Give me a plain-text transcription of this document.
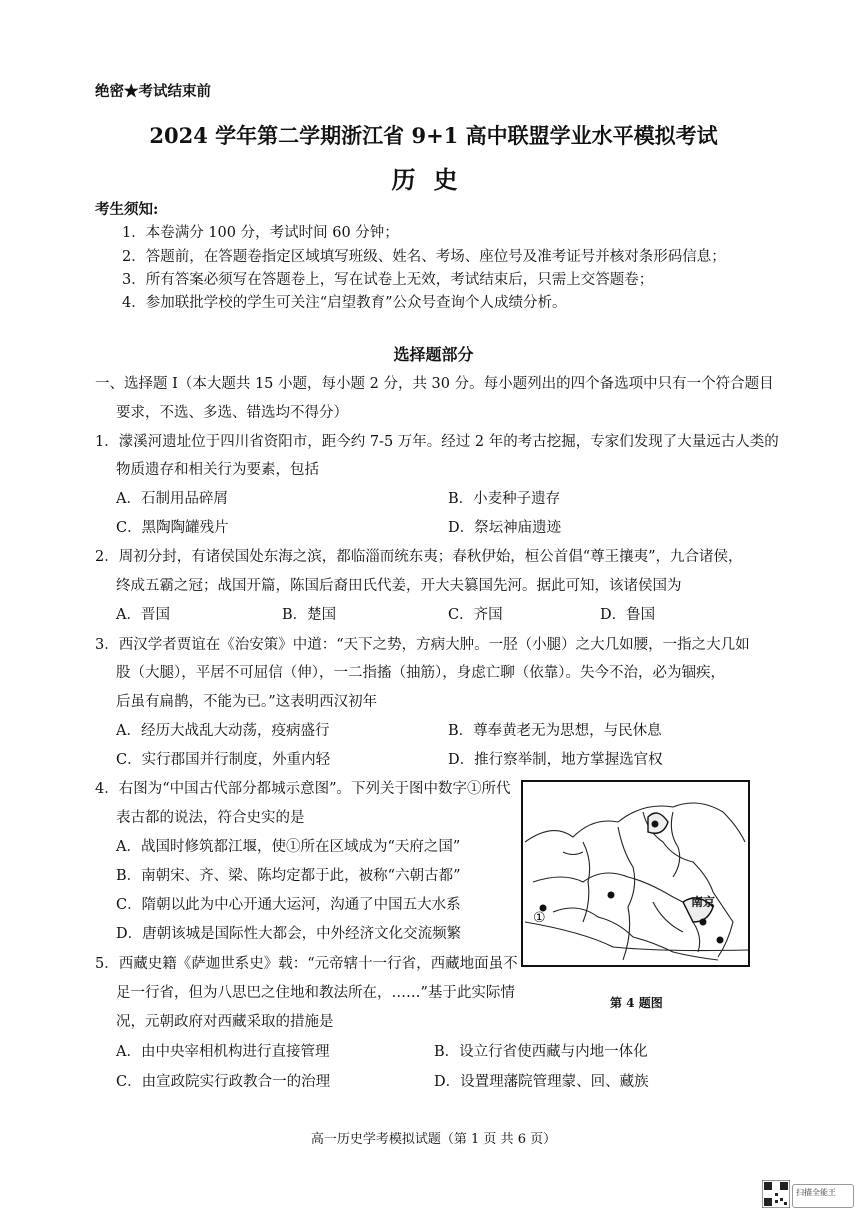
绝密★考试结束前
2024 学年第二学期浙江省 9+1 高中联盟学业水平模拟考试
历史
考生须知:
1．本卷满分 100 分，考试时间 60 分钟；
2．答题前，在答题卷指定区域填写班级、姓名、考场、座位号及准考证号并核对条形码信息；
3．所有答案必须写在答题卷上，写在试卷上无效，考试结束后，只需上交答题卷；
4．参加联批学校的学生可关注“启望教育”公众号查询个人成绩分析。
选择题部分
一、选择题 I（本大题共 15 小题，每小题 2 分，共 30 分。每小题列出的四个备选项中只有一个符合题目
要求，不选、多选、错选均不得分）
1．濛溪河遗址位于四川省资阳市，距今约 7-5 万年。经过 2 年的考古挖掘，专家们发现了大量远古人类的
物质遗存和相关行为要素，包括
A．石制用品碎屑	B．小麦种子遗存
C．黑陶陶罐残片	D．祭坛神庙遗迹
2．周初分封，有诸侯国处东海之滨，都临淄而统东夷；春秋伊始，桓公首倡“尊王攘夷”，九合诸侯，
终成五霸之冠；战国开篇，陈国后裔田氏代姜，开大夫篡国先河。据此可知，该诸侯国为
A．晋国	B．楚国	C．齐国	D．鲁国
3．西汉学者贾谊在《治安策》中道：“天下之势，方病大肿。一胫（小腿）之大几如腰，一指之大几如
股（大腿），平居不可屈信（伸），一二指搐（抽筋），身虑亡聊（依靠）。失今不治，必为锢疾，
后虽有扁鹊，不能为已。”这表明西汉初年
A．经历大战乱大动荡，疫病盛行	B．尊奉黄老无为思想，与民休息
C．实行郡国并行制度，外重内轻	D．推行察举制，地方掌握选官权
4．右图为“中国古代部分都城示意图”。下列关于图中数字①所代
表古都的说法，符合史实的是
A．战国时修筑都江堰，使①所在区域成为“天府之国”
B．南朝宋、齐、梁、陈均定都于此，被称“六朝古都”
C．隋朝以此为中心开通大运河，沟通了中国五大水系
D．唐朝该城是国际性大都会，中外经济文化交流频繁
①
南京
第 4 题图
5．西藏史籍《萨迦世系史》载：“元帝辖十一行省，西藏地面虽不
足一行省，但为八思巴之住地和教法所在，……”基于此实际情
况，元朝政府对西藏采取的措施是
A．由中央宰相机构进行直接管理	B．设立行省使西藏与内地一体化
C．由宣政院实行政教合一的治理	D．设置理藩院管理蒙、回、藏族
高一历史学考模拟试题（第 1 页 共 6 页）
扫描全能王
